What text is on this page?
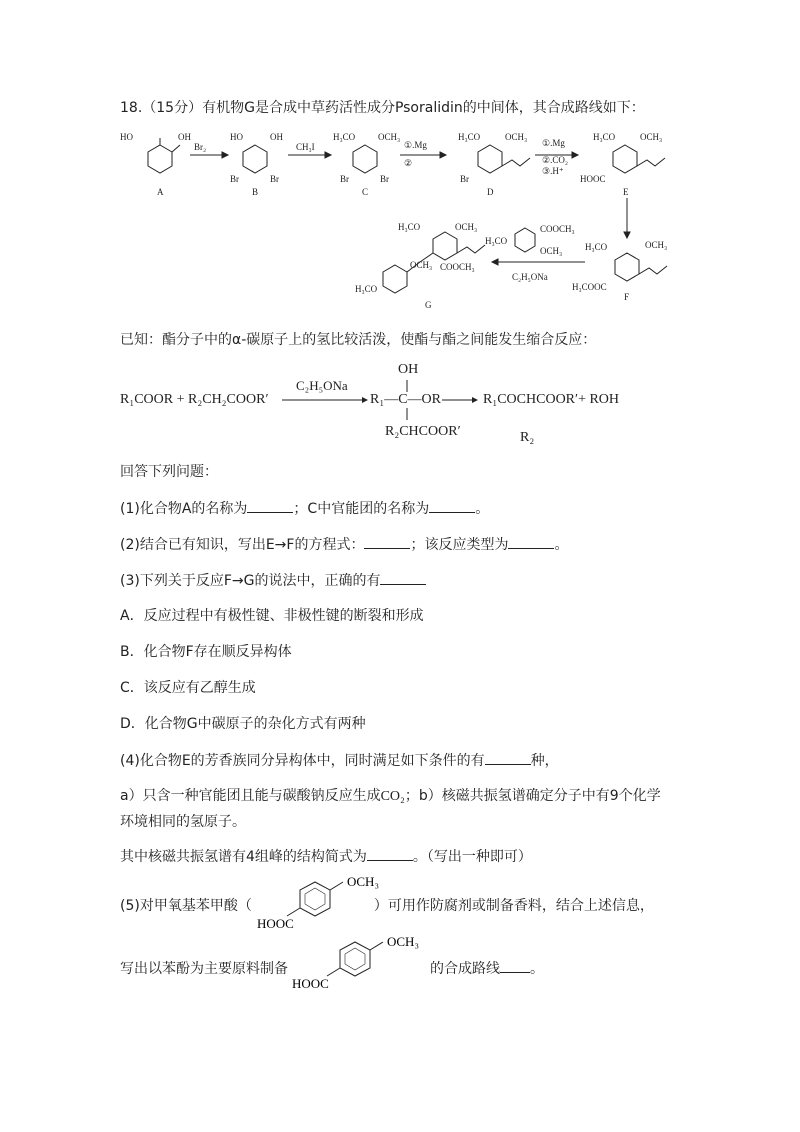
18.（15分）有机物G是合成中草药活性成分Psoralidin的中间体，其合成路线如下：
HO	OH
Br₂
HO	OH
Br	Br
CH₃I
H₃CO	OCH₃
Br	Br
①.Mg
②
H₃CO	OCH₃
Br
①.Mg
②.CO₂
③.H⁺
H₃CO	OCH₃
HOOC
H₃CO	OCH₃
H₃COOC
COOCH₃
OCH₃
H₃CO
C₂H₅ONa
H₃CO	OCH₃
COOCH₃
H₃CO
OCH₃
A	B	C	D	E
F
G
已知：酯分子中的α-碳原子上的氢比较活泼，使酯与酯之间能发生缩合反应：
R₁COOR + R₂CH₂COOR′
C₂H₅ONa
OH
R₁—C—OR
R₂CHCOOR′
R₁COCHCOOR′+ ROH
R₂
回答下列问题：
(1)化合物A的名称为	；C中官能团的名称为	。
(2)结合已有知识，写出E→F的方程式：	；该反应类型为	。
(3)下列关于反应F→G的说法中，正确的有
A．反应过程中有极性键、非极性键的断裂和形成
B．化合物F存在顺反异构体
C．该反应有乙醇生成
D．化合物G中碳原子的杂化方式有两种
(4)化合物E的芳香族同分异构体中，同时满足如下条件的有	种，
a）只含一种官能团且能与碳酸钠反应生成CO₂；b）核磁共振氢谱确定分子中有9个化学
环境相同的氢原子。
其中核磁共振氢谱有4组峰的结构简式为	。（写出一种即可）
(5)对甲氧基苯甲酸（	）可用作防腐剂或制备香料，结合上述信息，
OCH₃
HOOC
写出以苯酚为主要原料制备	的合成路线 。
OCH₃
HOOC
